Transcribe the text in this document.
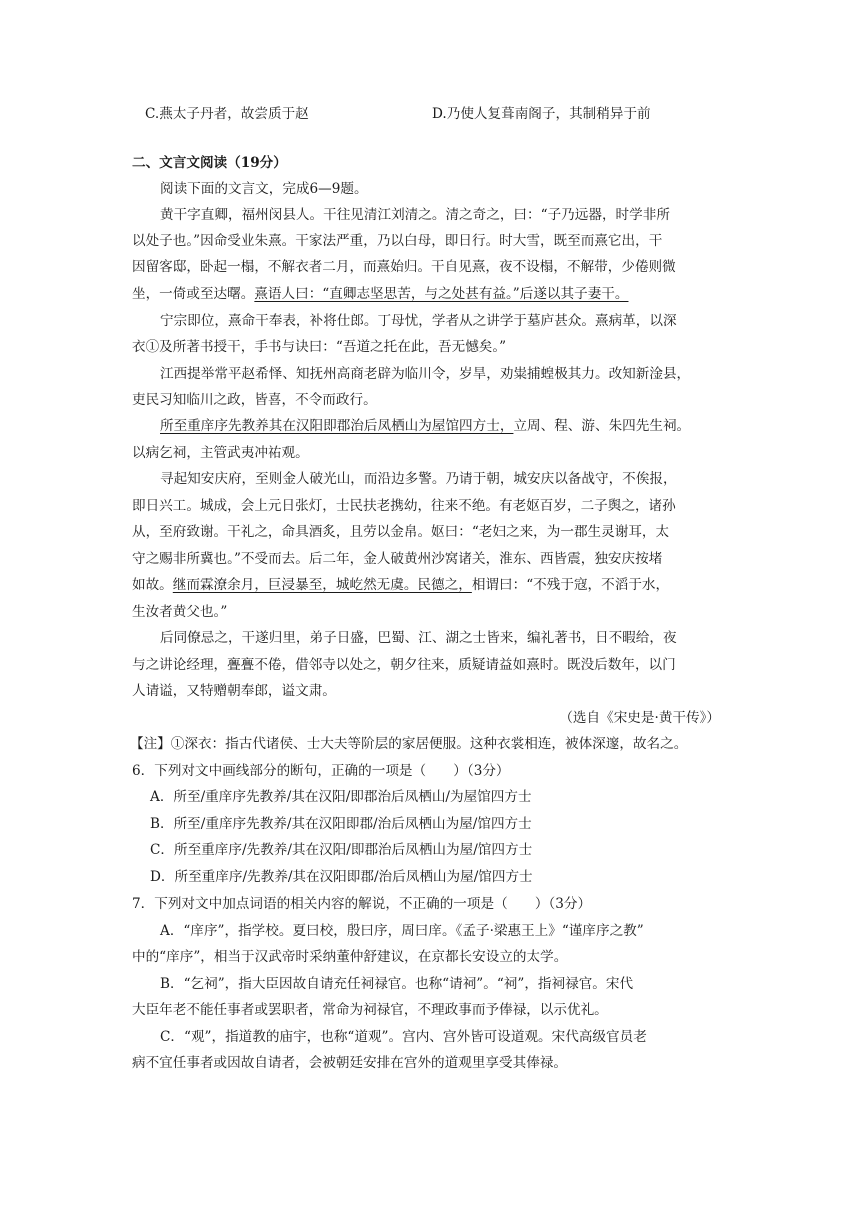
C.燕太子丹者，故尝质于赵	D.乃使人复葺南阁子，其制稍异于前
二、文言文阅读（19分）
阅读下面的文言文，完成6—9题。
黄干字直卿，福州闵县人。干往见清江刘清之。清之奇之，曰：“子乃远器，时学非所
以处子也。”因命受业朱熹。干家法严重，乃以白母，即日行。时大雪，既至而熹它出，干
因留客邸，卧起一榻，不解衣者二月，而熹始归。干自见熹，夜不设榻，不解带，少倦则微
坐，一倚或至达曙。熹语人曰：“直卿志坚思苦，与之处甚有益。”后遂以其子妻干。
宁宗即位，熹命干奉表，补将仕郎。丁母忧，学者从之讲学于墓庐甚众。熹病革，以深
衣①及所著书授干，手书与诀曰：“吾道之托在此，吾无憾矣。”
江西提举常平赵希怿、知抚州高商老辟为临川令，岁旱，劝粜捕蝗极其力。改知新淦县，
吏民习知临川之政，皆喜，不令而政行。
所至重庠序先教养其在汉阳即郡治后凤栖山为屋馆四方士，立周、程、游、朱四先生祠。
以病乞祠，主管武夷冲祐观。
寻起知安庆府，至则金人破光山，而沿边多警。乃请于朝，城安庆以备战守，不俟报，
即日兴工。城成，会上元日张灯，士民扶老携幼，往来不绝。有老妪百岁，二子舆之，诸孙
从，至府致谢。干礼之，命具酒炙，且劳以金帛。妪曰：“老妇之来，为一郡生灵谢耳，太
守之赐非所冀也。”不受而去。后二年，金人破黄州沙窝诸关，淮东、西皆震，独安庆按堵
如故。继而霖潦余月，巨浸暴至，城屹然无虞。民德之，相谓曰：“不残于寇，不滔于水，
生汝者黄父也。”
后同僚忌之，干遂归里，弟子日盛，巴蜀、江、湖之士皆来，编礼著书，日不暇给，夜
与之讲论经理，亹亹不倦，借邻寺以处之，朝夕往来，质疑请益如熹时。既没后数年，以门
人请谥，又特赠朝奉郎，谥文肃。
（选自《宋史是·黄干传》）
【注】①深衣：指古代诸侯、士大夫等阶层的家居便服。这种衣裳相连，被体深邃，故名之。
6．下列对文中画线部分的断句，正确的一项是（　　）（3分）
A．所至/重庠序先教养/其在汉阳/即郡治后凤栖山/为屋馆四方士
B．所至/重庠序先教养/其在汉阳即郡/治后凤栖山为屋/馆四方士
C．所至重庠序/先教养/其在汉阳/即郡治后凤栖山为屋/馆四方士
D．所至重庠序/先教养/其在汉阳即郡/治后凤栖山为屋/馆四方士
7．下列对文中加点词语的相关内容的解说，不正确的一项是（　　）（3分）
A．“庠序”，指学校。夏曰校，殷曰序，周曰庠。《孟子·梁惠王上》“谨庠序之教”
中的“庠序”，相当于汉武帝时采纳董仲舒建议，在京都长安设立的太学。
B．“乞祠”，指大臣因故自请充任祠禄官。也称“请祠”。“祠”，指祠禄官。宋代
大臣年老不能任事者或罢职者，常命为祠禄官，不理政事而予俸禄，以示优礼。
C．“观”，指道教的庙宇，也称“道观”。宫内、宫外皆可设道观。宋代高级官员老
病不宜任事者或因故自请者，会被朝廷安排在宫外的道观里享受其俸禄。
